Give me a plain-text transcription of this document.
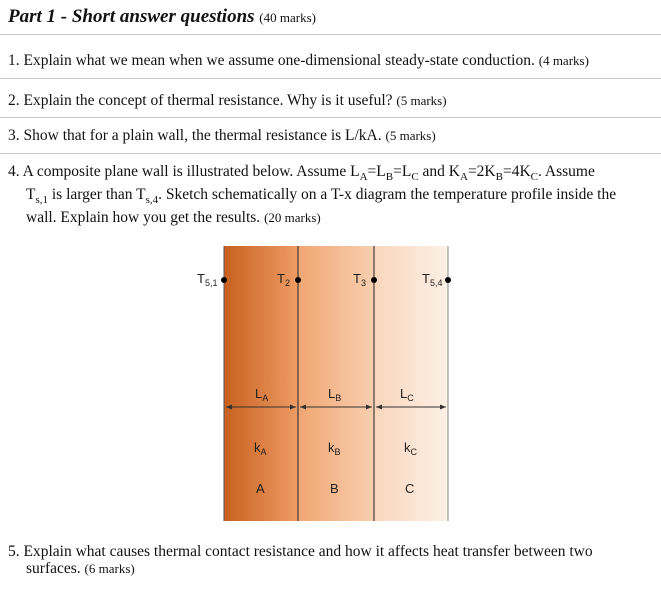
Part 1 - Short answer questions (40 marks)
1. Explain what we mean when we assume one-dimensional steady-state conduction. (4 marks)
2. Explain the concept of thermal resistance. Why is it useful? (5 marks)
3. Show that for a plain wall, the thermal resistance is L/kA. (5 marks)
4. A composite plane wall is illustrated below. Assume $L_A=L_B=L_C$ and $K_A=2K_B=4K_C$. Assume
$T_{s,1}$ is larger than $T_{s,4}$. Sketch schematically on a T-x diagram the temperature profile inside the
wall. Explain how you get the results. (20 marks)
$T_{5,1}$	$T_2$	$T_3$	$T_{5,4}$
$L_A$	$L_B$	$L_C$
$k_A$	$k_B$	$k_C$
A	B	C
5. Explain what causes thermal contact resistance and how it affects heat transfer between two
surfaces. (6 marks)
